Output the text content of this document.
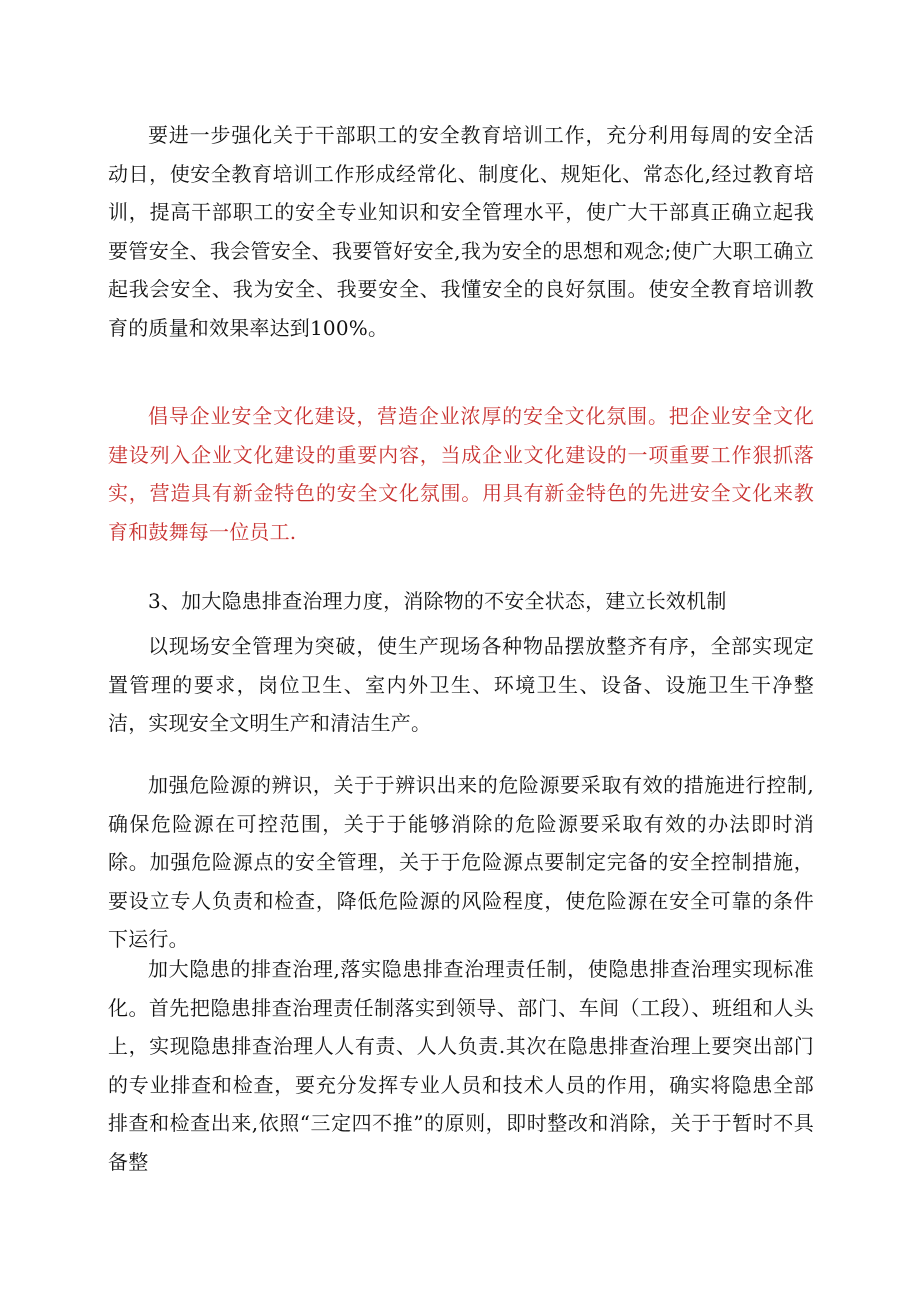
要进一步强化关于干部职工的安全教育培训工作，充分利用每周的安全活动日，使安全教育培训工作形成经常化、制度化、规矩化、常态化,经过教育培训，提高干部职工的安全专业知识和安全管理水平，使广大干部真正确立起我要管安全、我会管安全、我要管好安全,我为安全的思想和观念;使广大职工确立起我会安全、我为安全、我要安全、我懂安全的良好氛围。使安全教育培训教育的质量和效果率达到100%。

倡导企业安全文化建设，营造企业浓厚的安全文化氛围。把企业安全文化建设列入企业文化建设的重要内容，当成企业文化建设的一项重要工作狠抓落实，营造具有新金特色的安全文化氛围。用具有新金特色的先进安全文化来教育和鼓舞每一位员工.

3、加大隐患排查治理力度，消除物的不安全状态，建立长效机制

以现场安全管理为突破，使生产现场各种物品摆放整齐有序，全部实现定置管理的要求，岗位卫生、室内外卫生、环境卫生、设备、设施卫生干净整洁，实现安全文明生产和清洁生产。

加强危险源的辨识，关于于辨识出来的危险源要采取有效的措施进行控制,确保危险源在可控范围，关于于能够消除的危险源要采取有效的办法即时消除。加强危险源点的安全管理，关于于危险源点要制定完备的安全控制措施，要设立专人负责和检查，降低危险源的风险程度，使危险源在安全可靠的条件下运行。

加大隐患的排查治理,落实隐患排查治理责任制，使隐患排查治理实现标准化。首先把隐患排查治理责任制落实到领导、部门、车间（工段）、班组和人头上，实现隐患排查治理人人有责、人人负责.其次在隐患排查治理上要突出部门的专业排查和检查，要充分发挥专业人员和技术人员的作用，确实将隐患全部排查和检查出来,依照“三定四不推”的原则，即时整改和消除，关于于暂时不具备整
